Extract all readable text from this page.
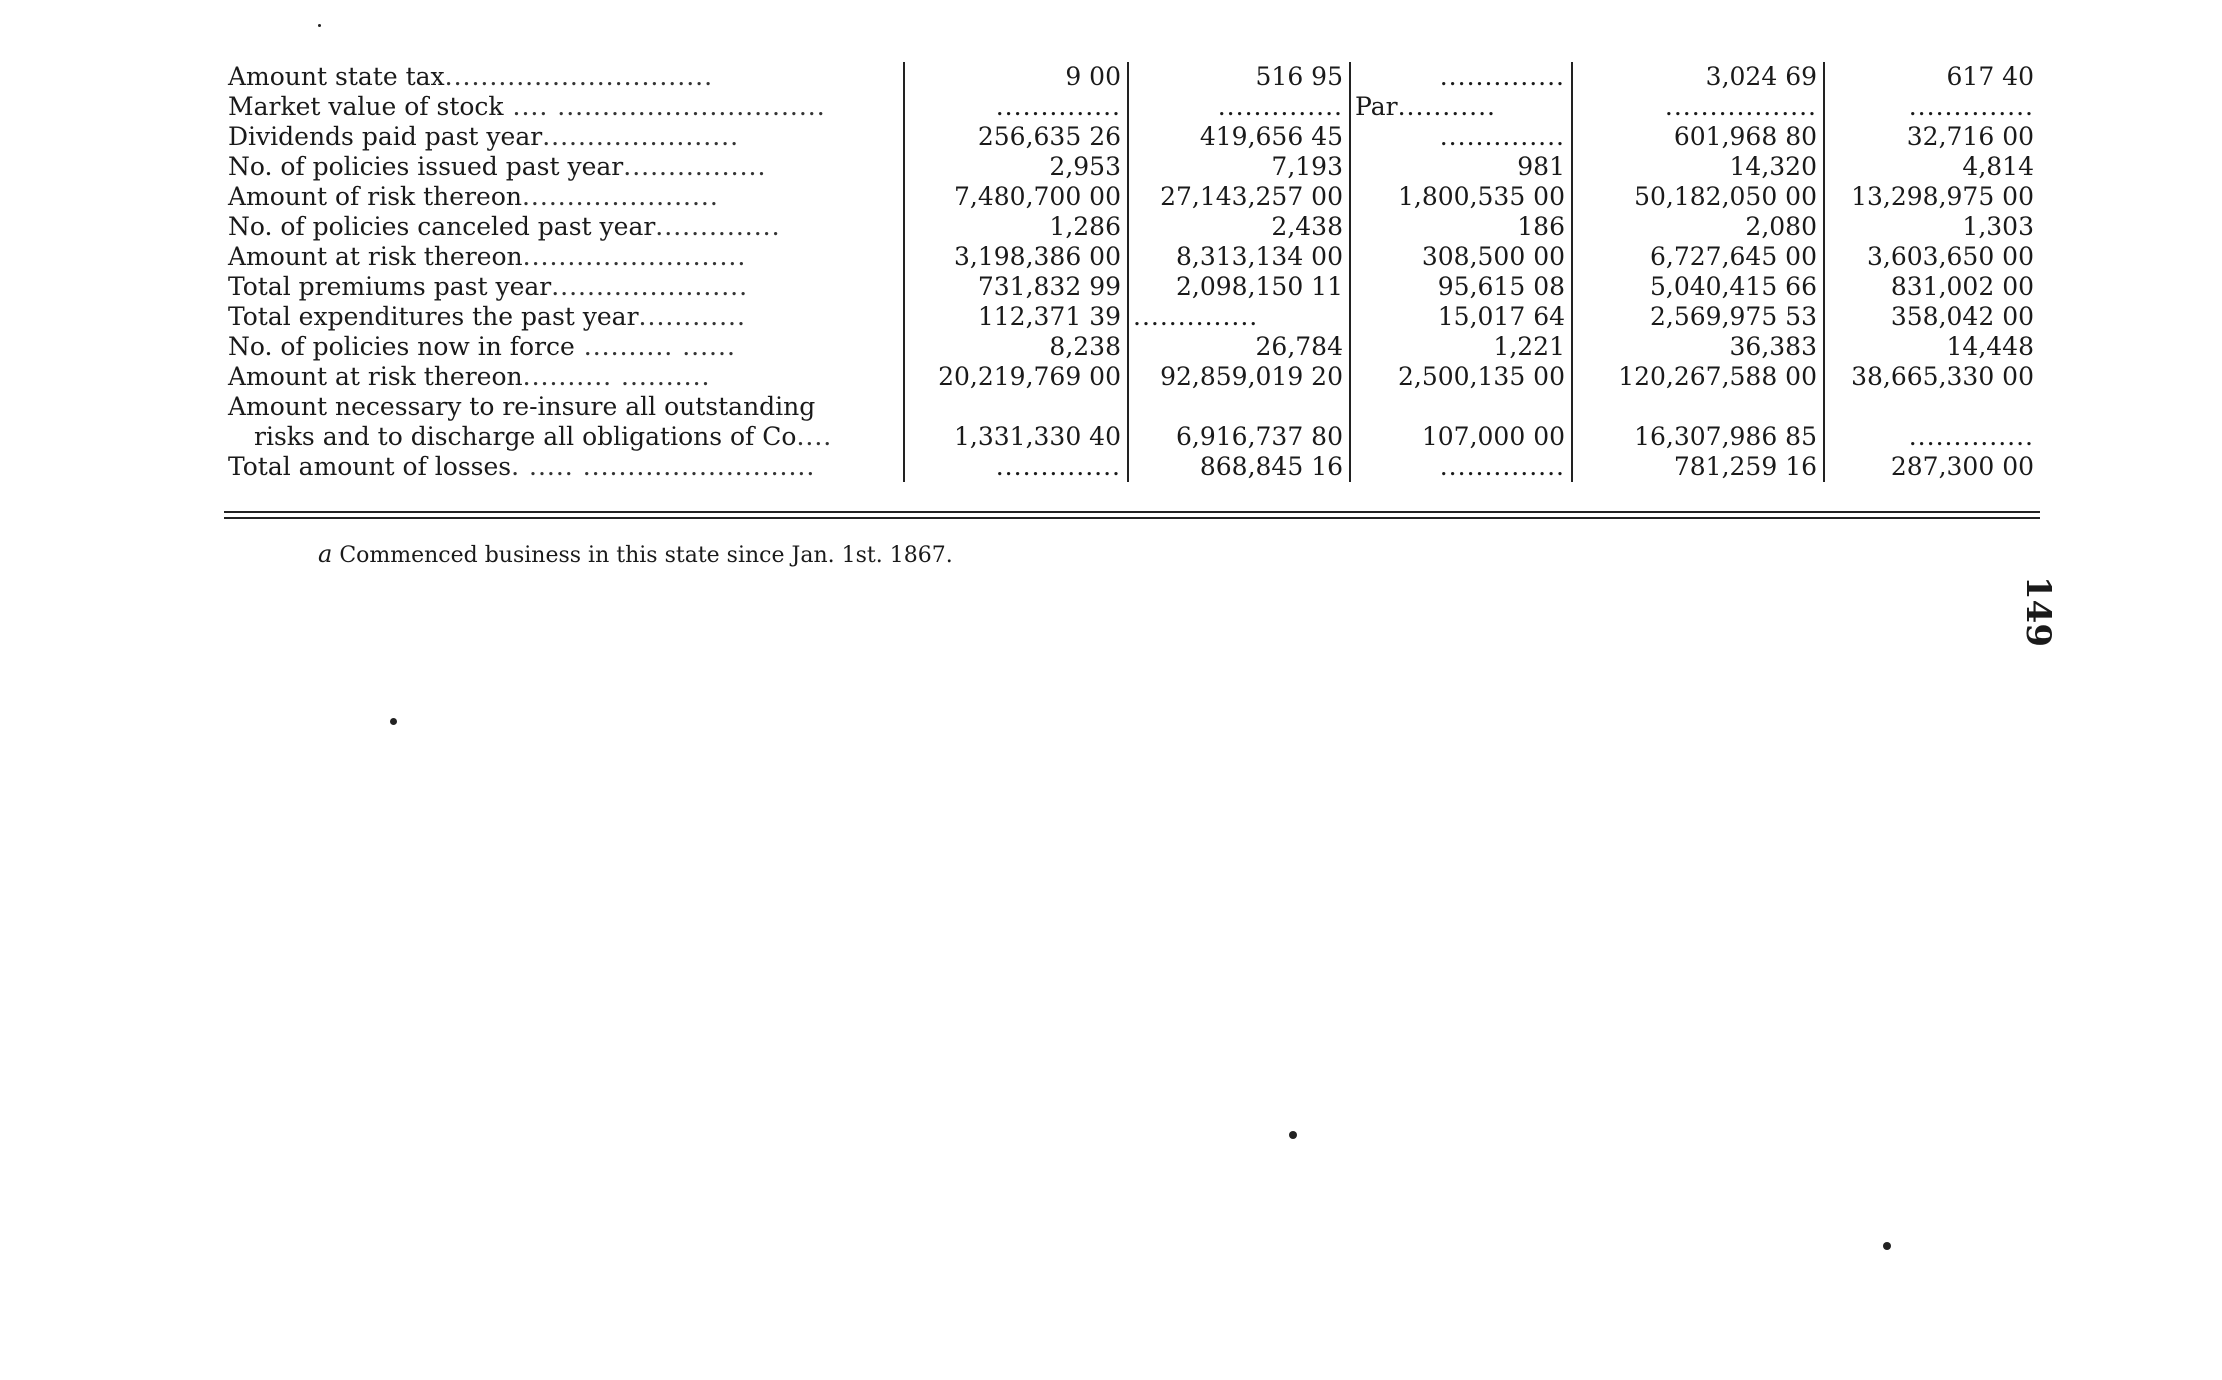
Amount state tax..............................	9 00	516 95	..............	3,024 69	617 40
Market value of stock .... ..............................	..............	..............	Par...........	.................	..............
Dividends paid past year......................	256,635 26	419,656 45	..............	601,968 80	32,716 00
No. of policies issued past year................	2,953	7,193	981	14,320	4,814
Amount of risk thereon......................	7,480,700 00	27,143,257 00	1,800,535 00	50,182,050 00	13,298,975 00
No. of policies canceled past year..............	1,286	2,438	186	2,080	1,303
Amount at risk thereon.........................	3,198,386 00	8,313,134 00	308,500 00	6,727,645 00	3,603,650 00
Total premiums past year......................	731,832 99	2,098,150 11	95,615 08	5,040,415 66	831,002 00
Total expenditures the past year............	112,371 39	..............	15,017 64	2,569,975 53	358,042 00
No. of policies now in force .......... ......	8,238	26,784	1,221	36,383	14,448
Amount at risk thereon.......... ..........	20,219,769 00	92,859,019 20	2,500,135 00	120,267,588 00	38,665,330 00
Amount necessary to re-insure all outstanding					
risks and to discharge all obligations of Co....	1,331,330 40	6,916,737 80	107,000 00	16,307,986 85	..............
Total amount of losses. ..... ..........................	..............	868,845 16	..............	781,259 16	287,300 00
a Commenced business in this state since Jan. 1st. 1867.
149
